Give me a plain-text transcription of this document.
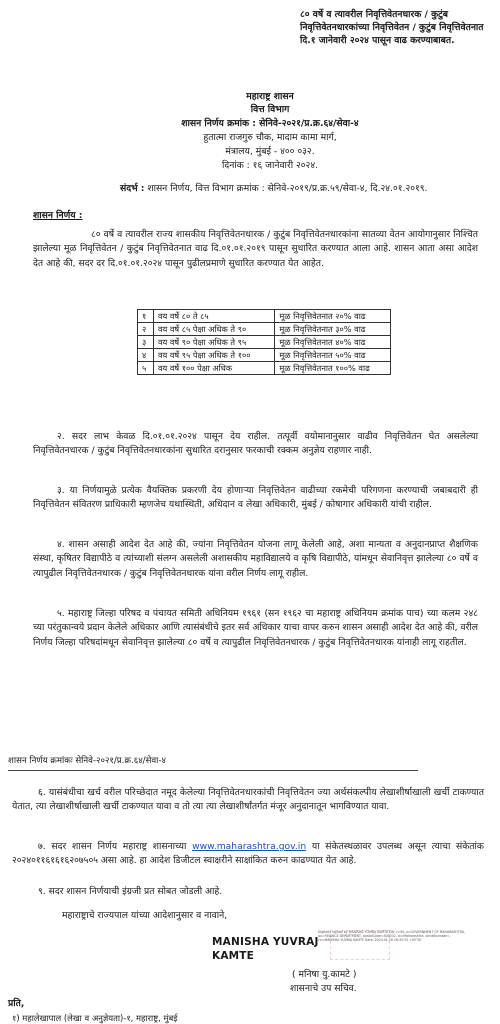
८० वर्षे व त्यावरील निवृत्तिवेतनधारक / कुटुंब निवृत्तिवेतनधारकांच्या निवृत्तिवेतन / कुटुंब निवृत्तिवेतनात दि.१ जानेवारी २०२४ पासून वाढ करण्याबाबत.
महाराष्ट्र शासन
वित्त विभाग
शासन निर्णय क्रमांक : सेनिवे-२०२१/प्र.क्र.६४/सेवा-४
हुतात्मा राजगुरु चौक, मादाम कामा मार्ग,
मंत्रालय, मुंबई - ४०० ०३२.
दिनांक : १६ जानेवारी २०२४.
संदर्भ : शासन निर्णय, वित्त विभाग क्रमांक : सेनिवे-२०१९/प्र.क्र.५९/सेवा-४, दि.२४.०१.२०१९.
शासन निर्णय :
८० वर्षे व त्यावरील राज्य शासकीय निवृत्तिवेतनधारक / कुटुंब निवृत्तिवेतनधारकांना सातव्या वेतन आयोगानुसार निश्चित झालेल्या मूळ निवृत्तिवेतन / कुटुंब निवृत्तिवेतनात वाढ दि.०१.०१.२०१९ पासून सुधारित करण्यात आला आहे. शासन आता असा आदेश देत आहे की, सदर दर दि.०१.०१.२०२४ पासून पुढीलप्रमाणे सुधारित करण्यात येत आहेत.
१	वय वर्षे ८० ते ८५	मूळ निवृत्तिवेतनात २०% वाढ
२	वय वर्षे ८५ पेक्षा अधिक ते ९०	मूळ निवृत्तिवेतनात ३०% वाढ
३	वय वर्षे ९० पेक्षा अधिक ते ९५	मूळ निवृत्तिवेतनात ४०% वाढ
४	वय वर्षे ९५ पेक्षा अधिक ते १००	मूळ निवृत्तिवेतनात ५०% वाढ
५	वय वर्षे १०० पेक्षा अधिक	मूळ निवृत्तिवेतनात १००% वाढ
२. सदर लाभ केवळ दि.०१.०१.२०२४ पासून देय राहील. तत्पूर्वी वयोमानानुसार वाढीव निवृत्तिवेतन घेत असलेल्या निवृत्तिवेतनधारक / कुटुंब निवृत्तिवेतनधारकांना सुधारित दरानुसार फरकाची रक्कम अनुज्ञेय राहणार नाही.
३. या निर्णयामुळे प्रत्येक वैयक्तिक प्रकरणी देय होणाऱ्या निवृत्तिवेतन वाढीच्या रकमेची परिगणना करण्याची जबाबदारी ही निवृत्तिवेतन संवितरण प्राधिकारी म्हणजेच यथास्थिती, अधिदान व लेखा अधिकारी, मुंबई / कोषागार अधिकारी यांची राहील.
४. शासन असाही आदेश देत आहे की, ज्यांना निवृत्तिवेतन योजना लागू केलेली आहे, अशा मान्यता व अनुदानप्राप्त शैक्षणिक संस्था, कृषितर विद्यापीठे व त्यांच्याशी संलग्न असलेली अशासकीय महाविद्यालये व कृषि विद्यापीठे, यांमधून सेवानिवृत्त झालेल्या ८० वर्षे व त्यापुढील निवृत्तिवेतनधारक / कुटुंब निवृत्तिवेतनधारक यांना वरील निर्णय लागू राहील.
५. महाराष्ट्र जिल्हा परिषद व पंचायत समिती अधिनियम १९६१ (सन १९६२ चा महाराष्ट्र अधिनियम क्रमांक पाच) च्या कलम २४८ च्या परंतुकान्वये प्रदान केलेले अधिकार आणि त्यासंबंधीचे इतर सर्व अधिकार याचा वापर करुन शासन असाही आदेश देत आहे की, वरील निर्णय जिल्हा परिषदांमधून सेवानिवृत्त झालेल्या ८० वर्षे व त्यापुढील निवृत्तिवेतनधारक / कुटुंब निवृत्तिवेतनधारक यांनाही लागू राहतील.
शासन निर्णय क्रमांकः सेनिवे-२०२१/प्र.क्र.६४/सेवा-४
६. यासंबंधीचा खर्च वरील परिच्छेदात नमूद केलेल्या निवृत्तिवेतनधारकांची निवृत्तिवेतन ज्या अर्थसंकल्पीय लेखाशीर्षाखाली खर्ची टाकण्यात येतात, त्या लेखाशीर्षाखाली खर्ची टाकण्यात यावा व तो त्या त्या लेखाशीर्षांतर्गत मंजूर अनुदानातून भागविण्यात यावा.
७. सदर शासन निर्णय महाराष्ट्र शासनाच्या www.maharashtra.gov.in या संकेतस्थळावर उपलब्ध असून त्याचा संकेतांक २०२४०११६१६१६२०७५०५ असा आहे. हा आदेश डिजीटल स्वाक्षरीने साक्षांकित करुन काढण्यात येत आहे.
९. सदर शासन निर्णयाची इंग्रजी प्रत सोबत जोडली आहे.
महाराष्ट्राचे राज्यपाल यांच्या आदेशानुसार व नावाने,
MANISHA YUVRAJ
KAMTE
Digitally signed by MANISHA YUVRAJ KAMTE DN: c=IN, o=GOVERNMENT OF MAHARASHTRA, ou=FINANCE DEPARTMENT, postalCode=400032, st=Maharashtra, serialNumber=, cn=MANISHA YUVRAJ KAMTE Date: 2024.01.16 16:35:32 +05'30'
( मनिषा यु.कामटे )
शासनाचे उप सचिव.
प्रति,
१) महालेखापाल (लेखा व अनुज्ञेयता)-१, महाराष्ट्र, मुंबई
